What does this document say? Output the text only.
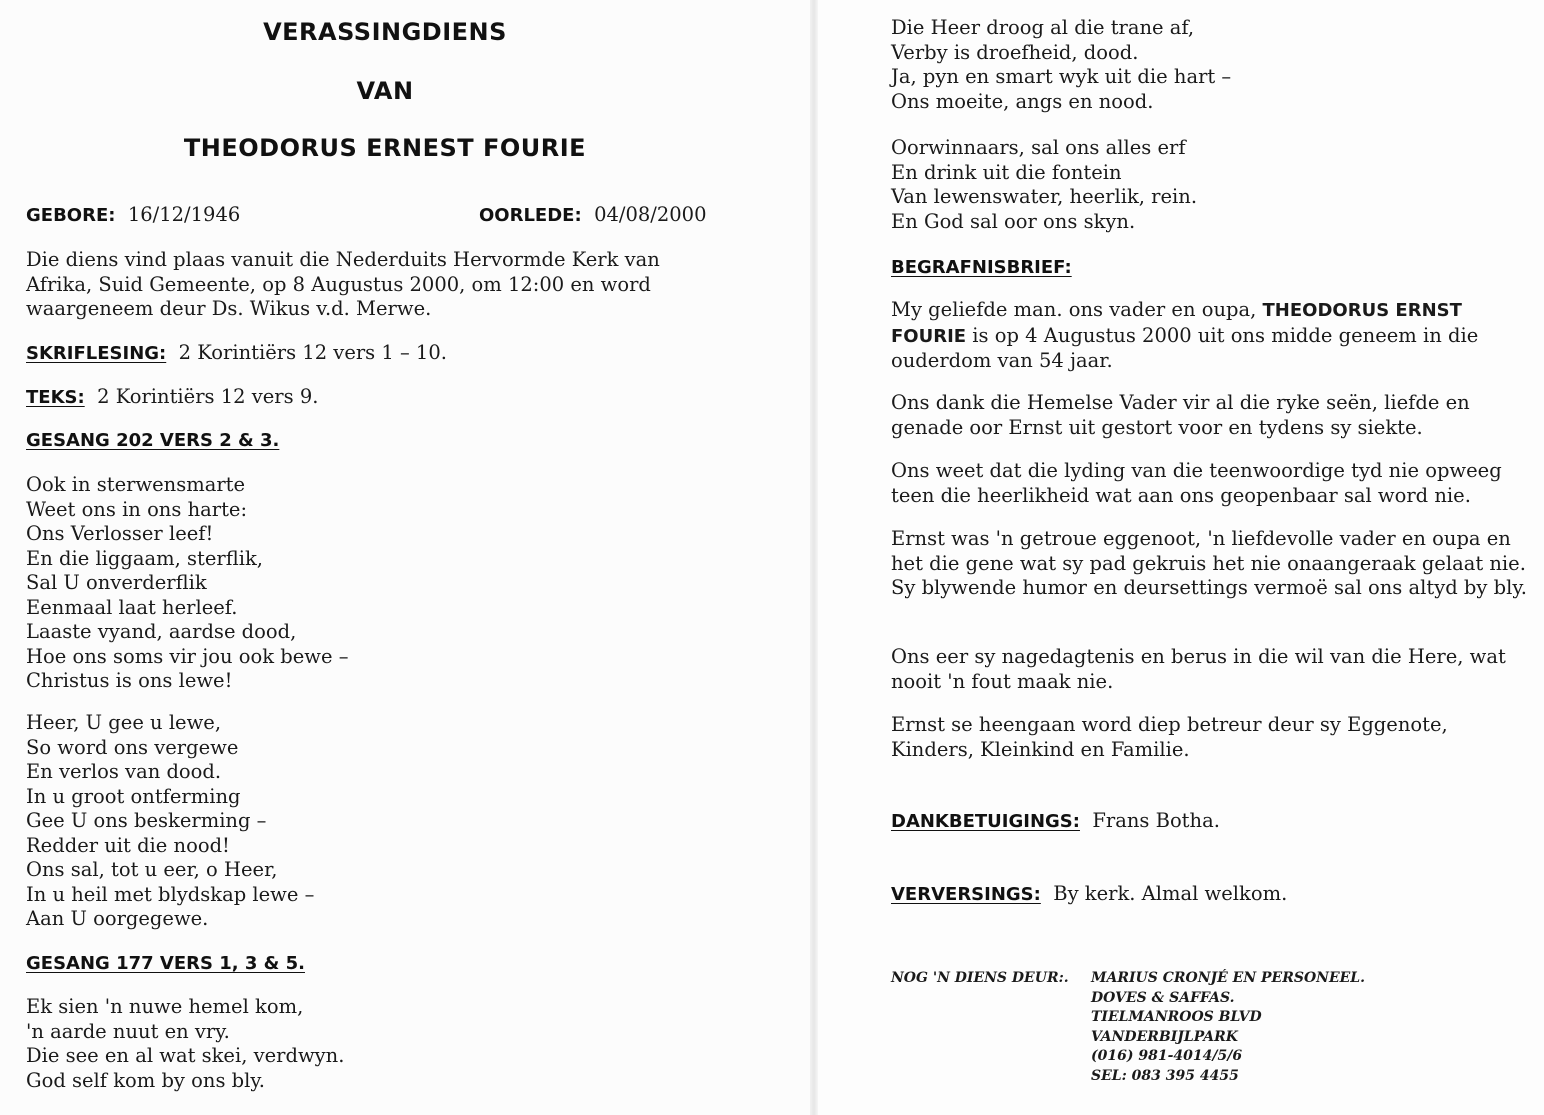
VERASSINGDIENS
VAN
THEODORUS ERNEST FOURIE
GEBORE: 16/12/1946	OORLEDE: 04/08/2000
Die diens vind plaas vanuit die Nederduits Hervormde Kerk van
Afrika, Suid Gemeente, op 8 Augustus 2000, om 12:00 en word
waargeneem deur Ds. Wikus v.d. Merwe.
SKRIFLESING: 2 Korintiërs 12 vers 1 – 10.
TEKS: 2 Korintiërs 12 vers 9.
GESANG 202 VERS 2 & 3.
Ook in sterwensmarte
Weet ons in ons harte:
Ons Verlosser leef!
En die liggaam, sterflik,
Sal U onverderflik
Eenmaal laat herleef.
Laaste vyand, aardse dood,
Hoe ons soms vir jou ook bewe –
Christus is ons lewe!
Heer, U gee u lewe,
So word ons vergewe
En verlos van dood.
In u groot ontferming
Gee U ons beskerming –
Redder uit die nood!
Ons sal, tot u eer, o Heer,
In u heil met blydskap lewe –
Aan U oorgegewe.
GESANG 177 VERS 1, 3 & 5.
Ek sien 'n nuwe hemel kom,
'n aarde nuut en vry.
Die see en al wat skei, verdwyn.
God self kom by ons bly.
Die Heer droog al die trane af,
Verby is droefheid, dood.
Ja, pyn en smart wyk uit die hart –
Ons moeite, angs en nood.
Oorwinnaars, sal ons alles erf
En drink uit die fontein
Van lewenswater, heerlik, rein.
En God sal oor ons skyn.
BEGRAFNISBRIEF:

My geliefde man. ons vader en oupa, THEODORUS ERNST FOURIE is op 4 Augustus 2000 uit ons midde geneem in die ouderdom van 54 jaar.

Ons dank die Hemelse Vader vir al die ryke seën, liefde en genade oor Ernst uit gestort voor en tydens sy siekte.

Ons weet dat die lyding van die teenwoordige tyd nie opweeg teen die heerlikheid wat aan ons geopenbaar sal word nie.

Ernst was 'n getroue eggenoot, 'n liefdevolle vader en oupa en het die gene wat sy pad gekruis het nie onaangeraak gelaat nie. Sy blywende humor en deursettings vermoë sal ons altyd by bly.

Ons eer sy nagedagtenis en berus in die wil van die Here, wat nooit 'n fout maak nie.

Ernst se heengaan word diep betreur deur sy Eggenote, Kinders, Kleinkind en Familie.

DANKBETUIGINGS: Frans Botha.
VERVERSINGS: By kerk. Almal welkom.
NOG 'N DIENS DEUR:. MARIUS CRONJÉ EN PERSONEEL.
DOVES & SAFFAS.
TIELMANROOS BLVD
VANDERBIJLPARK
(016) 981-4014/5/6
SEL: 083 395 4455
